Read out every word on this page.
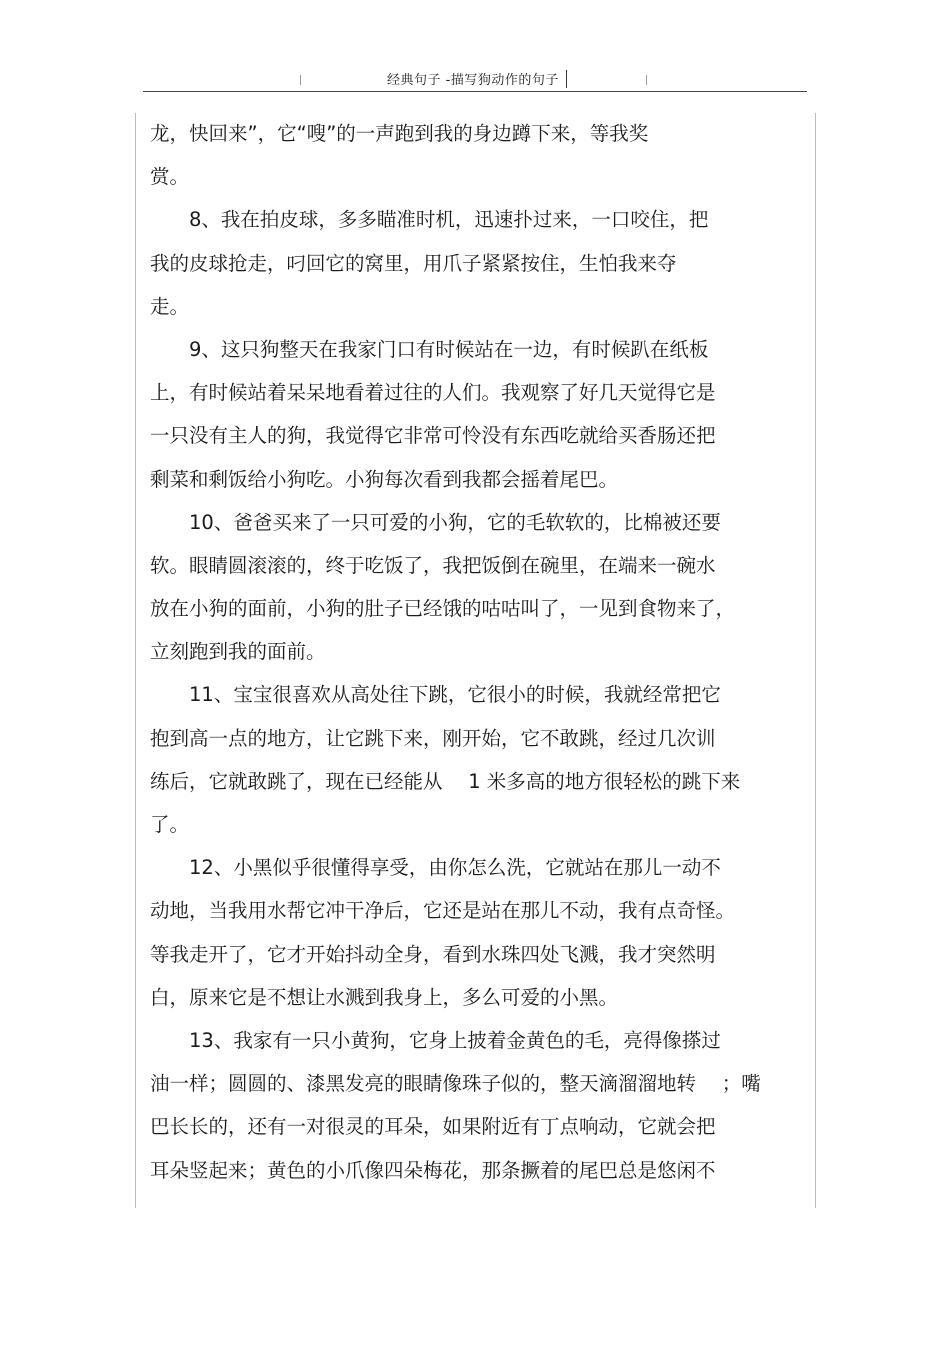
经典句子 -描写狗动作的句子
龙，快回来”，它“嗖”的一声跑到我的身边蹲下来，等我奖
赏。
　　8、我在拍皮球，多多瞄准时机，迅速扑过来，一口咬住，把
我的皮球抢走，叼回它的窝里，用爪子紧紧按住，生怕我来夺
走。
　　9、这只狗整天在我家门口有时候站在一边，有时候趴在纸板
上，有时候站着呆呆地看着过往的人们。我观察了好几天觉得它是
一只没有主人的狗，我觉得它非常可怜没有东西吃就给买香肠还把
剩菜和剩饭给小狗吃。小狗每次看到我都会摇着尾巴。
　　10、爸爸买来了一只可爱的小狗，它的毛软软的，比棉被还要
软。眼睛圆滚滚的，终于吃饭了，我把饭倒在碗里，在端来一碗水
放在小狗的面前，小狗的肚子已经饿的咕咕叫了，一见到食物来了，
立刻跑到我的面前。
　　11、宝宝很喜欢从高处往下跳，它很小的时候，我就经常把它
抱到高一点的地方，让它跳下来，刚开始，它不敢跳，经过几次训
练后，它就敢跳了，现在已经能从　 1 米多高的地方很轻松的跳下来
了。
　　12、小黑似乎很懂得享受，由你怎么洗，它就站在那儿一动不
动地，当我用水帮它冲干净后，它还是站在那儿不动，我有点奇怪。
等我走开了，它才开始抖动全身，看到水珠四处飞溅，我才突然明
白，原来它是不想让水溅到我身上，多么可爱的小黑。
　　13、我家有一只小黄狗，它身上披着金黄色的毛，亮得像搽过
油一样；圆圆的、漆黑发亮的眼睛像珠子似的，整天滴溜溜地转　 ；嘴
巴长长的，还有一对很灵的耳朵，如果附近有丁点响动，它就会把
耳朵竖起来；黄色的小爪像四朵梅花，那条撅着的尾巴总是悠闲不
